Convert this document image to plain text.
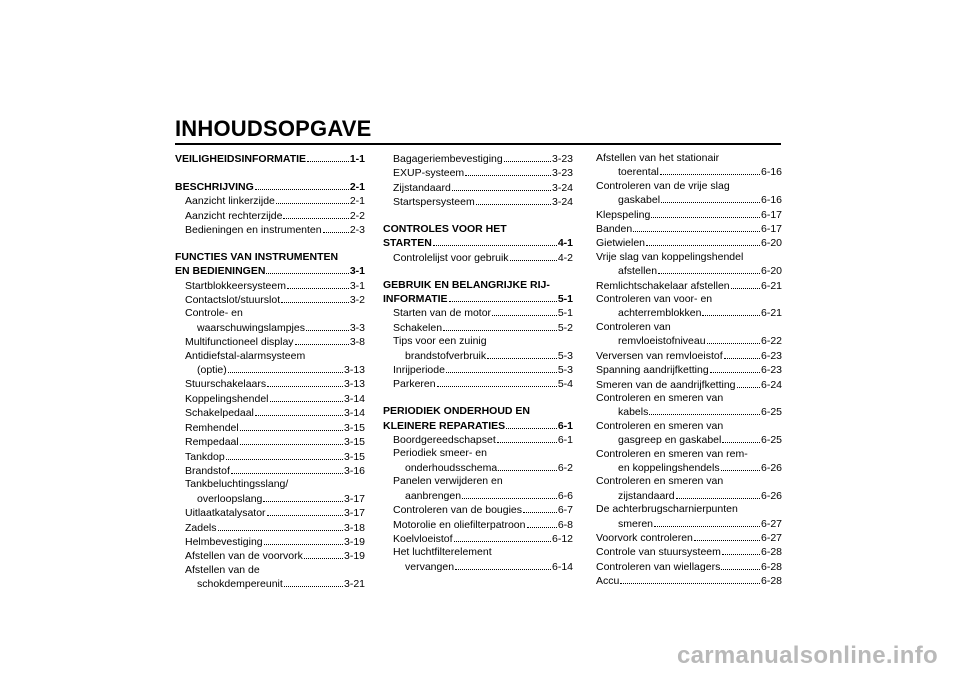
INHOUDSOPGAVE
VEILIGHEIDSINFORMATIE	1-1
BESCHRIJVING	2-1
Aanzicht linkerzijde	2-1
Aanzicht rechterzijde	2-2
Bedieningen en instrumenten	2-3
FUNCTIES VAN INSTRUMENTEN
EN BEDIENINGEN	3-1
Startblokkeersysteem	3-1
Contactslot/stuurslot	3-2
Controle- en
waarschuwingslampjes	3-3
Multifunctioneel display	3-8
Antidiefstal-alarmsysteem
(optie)	3-13
Stuurschakelaars	3-13
Koppelingshendel	3-14
Schakelpedaal	3-14
Remhendel	3-15
Rempedaal	3-15
Tankdop	3-15
Brandstof	3-16
Tankbeluchtingsslang/
overloopslang	3-17
Uitlaatkatalysator	3-17
Zadels	3-18
Helmbevestiging	3-19
Afstellen van de voorvork	3-19
Afstellen van de
schokdempereunit	3-21
Bagageriembevestiging	3-23
EXUP-systeem	3-23
Zijstandaard	3-24
Startspersysteem	3-24
CONTROLES VOOR HET
STARTEN	4-1
Controlelijst voor gebruik	4-2
GEBRUIK EN BELANGRIJKE RIJ-
INFORMATIE	5-1
Starten van de motor	5-1
Schakelen	5-2
Tips voor een zuinig
brandstofverbruik	5-3
Inrijperiode	5-3
Parkeren	5-4
PERIODIEK ONDERHOUD EN
KLEINERE REPARATIES	6-1
Boordgereedschapset	6-1
Periodiek smeer- en
onderhoudsschema	6-2
Panelen verwijderen en
aanbrengen	6-6
Controleren van de bougies	6-7
Motorolie en oliefilterpatroon	6-8
Koelvloeistof	6-12
Het luchtfilterelement
vervangen	6-14
Afstellen van het stationair
toerental	6-16
Controleren van de vrije slag
gaskabel	6-16
Klepspeling	6-17
Banden	6-17
Gietwielen	6-20
Vrije slag van koppelingshendel
afstellen	6-20
Remlichtschakelaar afstellen	6-21
Controleren van voor- en
achterremblokken	6-21
Controleren van
remvloeistofniveau	6-22
Verversen van remvloeistof	6-23
Spanning aandrijfketting	6-23
Smeren van de aandrijfketting 6-24
Controleren en smeren van
kabels	6-25
Controleren en smeren van
gasgreep en gaskabel	6-25
Controleren en smeren van rem-
en koppelingshendels	6-26
Controleren en smeren van
zijstandaard	6-26
De achterbrugscharnierpunten
smeren	6-27
Voorvork controleren	6-27
Controle van stuursysteem	6-28
Controleren van wiellagers	6-28
Accu	6-28
carmanualsonline.info
